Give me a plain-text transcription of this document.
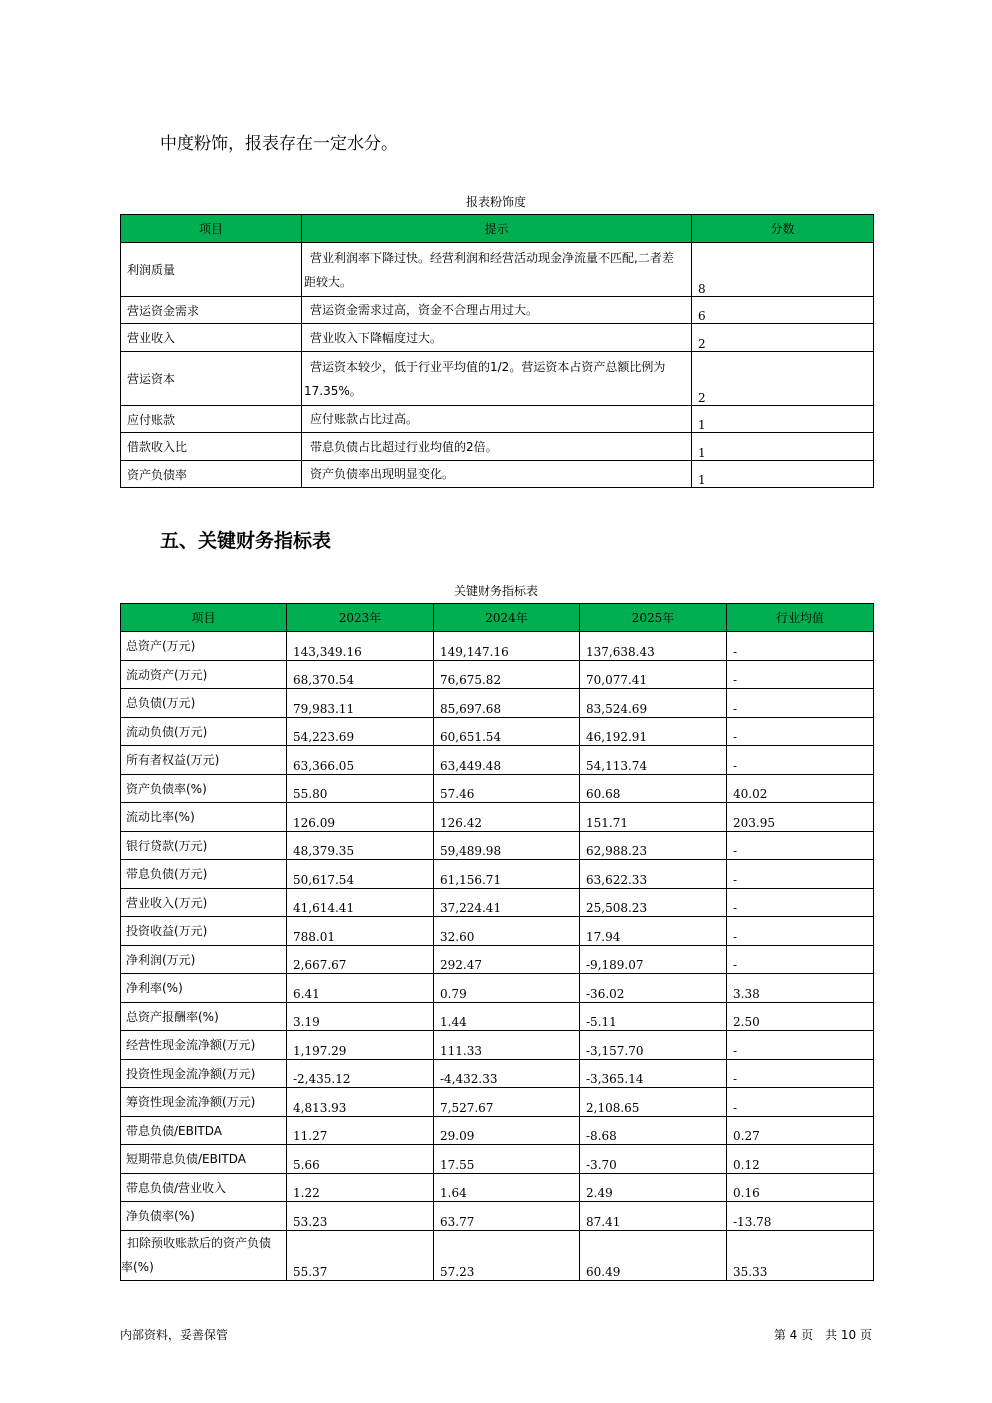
中度粉饰，报表存在一定水分。
报表粉饰度
项目	提示	分数
利润质量	营业利润率下降过快。经营利润和经营活动现金净流量不匹配,二者差距较大。	8
营运资金需求	营运资金需求过高，资金不合理占用过大。	6
营业收入	营业收入下降幅度过大。	2
营运资本	营运资本较少，低于行业平均值的1/2。营运资本占资产总额比例为17.35%。	2
应付账款	应付账款占比过高。	1
借款收入比	带息负债占比超过行业均值的2倍。	1
资产负债率	资产负债率出现明显变化。	1
五、关键财务指标表
关键财务指标表
项目	2023年	2024年	2025年	行业均值
总资产(万元)	143,349.16	149,147.16	137,638.43	-
流动资产(万元)	68,370.54	76,675.82	70,077.41	-
总负债(万元)	79,983.11	85,697.68	83,524.69	-
流动负债(万元)	54,223.69	60,651.54	46,192.91	-
所有者权益(万元)	63,366.05	63,449.48	54,113.74	-
资产负债率(%)	55.80	57.46	60.68	40.02
流动比率(%)	126.09	126.42	151.71	203.95
银行贷款(万元)	48,379.35	59,489.98	62,988.23	-
带息负债(万元)	50,617.54	61,156.71	63,622.33	-
营业收入(万元)	41,614.41	37,224.41	25,508.23	-
投资收益(万元)	788.01	32.60	17.94	-
净利润(万元)	2,667.67	292.47	-9,189.07	-
净利率(%)	6.41	0.79	-36.02	3.38
总资产报酬率(%)	3.19	1.44	-5.11	2.50
经营性现金流净额(万元)	1,197.29	111.33	-3,157.70	-
投资性现金流净额(万元)	-2,435.12	-4,432.33	-3,365.14	-
筹资性现金流净额(万元)	4,813.93	7,527.67	2,108.65	-
带息负债/EBITDA	11.27	29.09	-8.68	0.27
短期带息负债/EBITDA	5.66	17.55	-3.70	0.12
带息负债/营业收入	1.22	1.64	2.49	0.16
净负债率(%)	53.23	63.77	87.41	-13.78
扣除预收账款后的资产负债率(%)	55.37	57.23	60.49	35.33
内部资料，妥善保管	第 4 页　共 10 页
